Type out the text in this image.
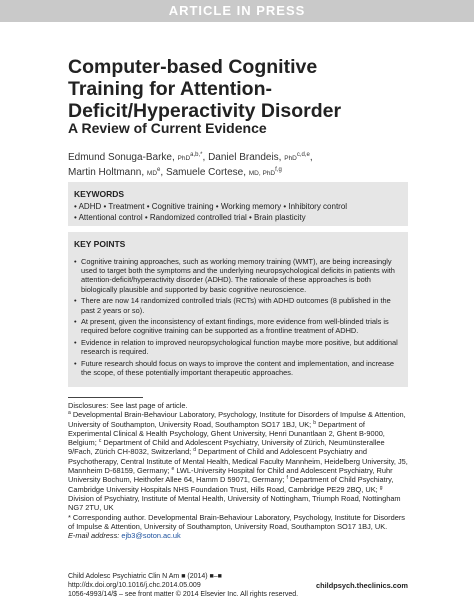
ARTICLE IN PRESS
Computer-based Cognitive
Training for Attention-
Deficit/Hyperactivity Disorder
A Review of Current Evidence
Edmund Sonuga-Barke, PhD$^{a,b,*}$, Daniel Brandeis, PhD$^{c,d,e}$,
Martin Holtmann, MDe, Samuele Cortese, MD, PhD$^{f,g}$
KEYWORDS
• ADHD • Treatment • Cognitive training • Working memory • Inhibitory control
• Attentional control • Randomized controlled trial • Brain plasticity
KEY POINTS
• Cognitive training approaches, such as working memory training (WMT), are being increasingly used to target both the symptoms and the underlying neuropsychological deficits in patients with attention-deficit/hyperactivity disorder (ADHD). The rationale of these approaches is both biologically plausible and supported by basic cognitive neuroscience.
• There are now 14 randomized controlled trials (RCTs) with ADHD outcomes (8 published in the past 2 years or so).
• At present, given the inconsistency of extant findings, more evidence from well-blinded trials is required before cognitive training can be supported as a frontline treatment of ADHD.
• Evidence in relation to improved neuropsychological function maybe more positive, but additional research is required.
• Future research should focus on ways to improve the content and implementation, and increase the scope, of these potentially important therapeutic approaches.

Disclosures: See last page of article.

$^a$ Developmental Brain-Behaviour Laboratory, Psychology, Institute for Disorders of Impulse & Attention, University of Southampton, University Road, Southampton SO17 1BJ, UK; $^b$ Department of Experimental Clinical & Health Psychology, Ghent University, Henri Dunantlaan 2, Ghent B-9000, Belgium; $^c$ Department of Child and Adolescent Psychiatry, University of Zürich, Neumünsterallee 9/Fach, Zürich CH-8032, Switzerland; $^d$ Department of Child and Adolescent Psychiatry and Psychotherapy, Central Institute of Mental Health, Medical Faculty Mannheim, Heidelberg University, J5, Mannheim D-68159, Germany; $^e$ LWL-University Hospital for Child and Adolescent Psychiatry, Ruhr University Bochum, Heithofer Allee 64, Hamm D 59071, Germany; $^f$ Department of Child Psychiatry, Cambridge University Hospitals NHS Foundation Trust, Hills Road, Cambridge PE29 2BQ, UK; $^g$ Division of Psychiatry, Institute of Mental Health, University of Nottingham, Triumph Road, Nottingham NG7 2TU, UK

* Corresponding author. Developmental Brain-Behaviour Laboratory, Psychology, Institute for Disorders of Impulse & Attention, University of Southampton, University Road, Southampton SO17 1BJ, UK.

E-mail address: ejb3@soton.ac.uk

Child Adolesc Psychiatric Clin N Am ■ (2014) ■–■
http://dx.doi.org/10.1016/j.chc.2014.05.009
1056-4993/14/$ – see front matter © 2014 Elsevier Inc. All rights reserved.
childpsych.theclinics.com
